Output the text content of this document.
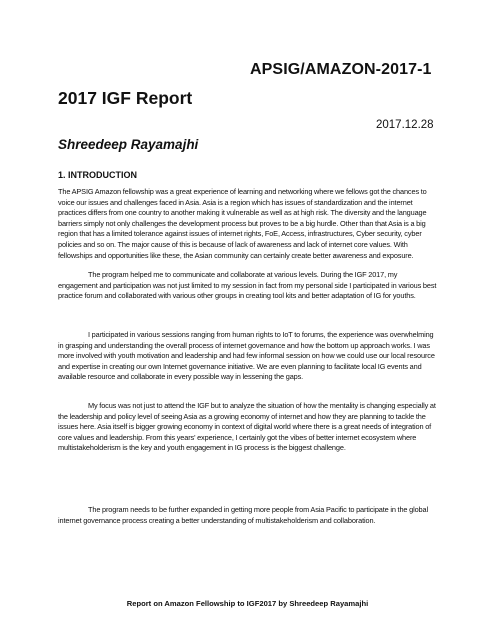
APSIG/AMAZON-2017-1
2017 IGF Report
2017.12.28
Shreedeep Rayamajhi
1. INTRODUCTION

The APSIG Amazon fellowship was a great experience of learning and networking where we fellows got the chances to voice our issues and challenges faced in Asia. Asia is a region which has issues of standardization and the internet practices differs from one country to another making it vulnerable as well as at high risk. The diversity and the language barriers simply not only challenges the development process but proves to be a big hurdle. Other than that Asia is a big region that has a limited tolerance against issues of internet rights, FoE, Access, infrastructures, Cyber security, cyber policies and so on. The major cause of this is because of lack of awareness and lack of internet core values. With fellowships and opportunities like these, the Asian community can certainly create better awareness and exposure.

The program helped me to communicate and collaborate at various levels. During the IGF 2017, my engagement and participation was not just limited to my session in fact from my personal side I participated in various best practice forum and collaborated with various other groups in creating tool kits and better adaptation of IG for youths.

I participated in various sessions ranging from human rights to IoT to forums, the experience was overwhelming in grasping and understanding the overall process of internet governance and how the bottom up approach works. I was more involved with youth motivation and leadership and had few informal session on how we could use our local resource and expertise in creating our own Internet governance initiative. We are even planning to facilitate local IG events and available resource and collaborate in every possible way in lessening the gaps.

My focus was not just to attend the IGF but to analyze the situation of how the mentality is changing especially at the leadership and policy level of seeing Asia as a growing economy of internet and how they are planning to tackle the issues here. Asia itself is bigger growing economy in context of digital world where there is a great needs of integration of core values and leadership. From this years' experience, I certainly got the vibes of better internet ecosystem where multistakeholderism is the key and youth engagement in IG process is the biggest challenge.

The program needs to be further expanded in getting more people from Asia Pacific to participate in the global internet governance process creating a better understanding of multistakeholderism and collaboration.

Report on Amazon Fellowship to IGF2017 by Shreedeep Rayamajhi
